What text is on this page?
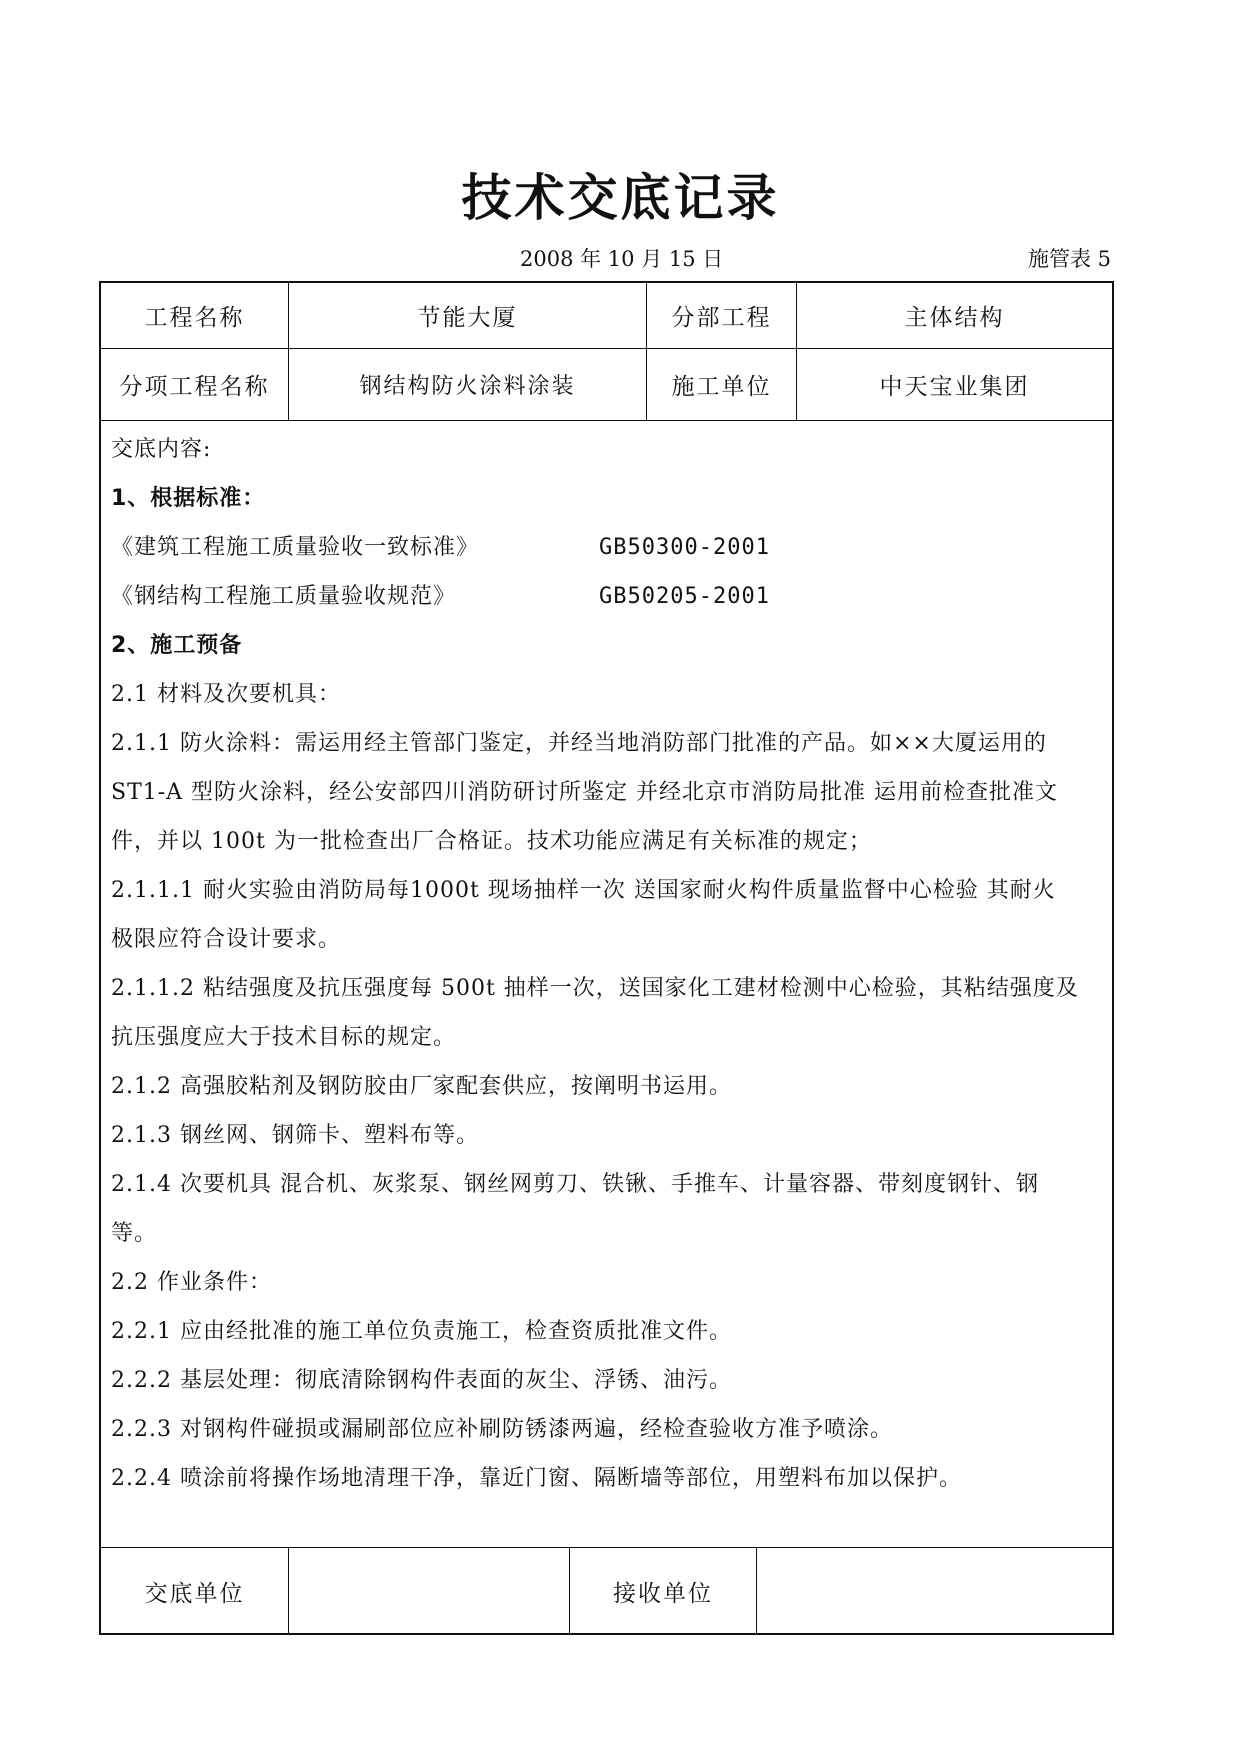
技术交底记录
2008 年 10 月 15 日	施管表 5
工程名称	节能大厦	分部工程	主体结构
分项工程名称	钢结构防火涂料涂装	施工单位	中天宝业集团
交底内容:
1、根据标准：
《建筑工程施工质量验收一致标准》	GB50300-2001
《钢结构工程施工质量验收规范》	GB50205-2001
2、施工预备
2.1 材料及次要机具：
2.1.1 防火涂料：需运用经主管部门鉴定，并经当地消防部门批准的产品。如××大厦运用的
ST1-A 型防火涂料，经公安部四川消防研讨所鉴定 并经北京市消防局批准 运用前检查批准文
件，并以 100t 为一批检查出厂合格证。技术功能应满足有关标准的规定；
2.1.1.1 耐火实验由消防局每1000t 现场抽样一次 送国家耐火构件质量监督中心检验 其耐火
极限应符合设计要求。
2.1.1.2 粘结强度及抗压强度每 500t 抽样一次，送国家化工建材检测中心检验，其粘结强度及
抗压强度应大于技术目标的规定。
2.1.2 高强胶粘剂及钢防胶由厂家配套供应，按阐明书运用。
2.1.3 钢丝网、钢筛卡、塑料布等。
2.1.4 次要机具 混合机、灰浆泵、钢丝网剪刀、铁锹、手推车、计量容器、带刻度钢针、钢
等。
2.2 作业条件：
2.2.1 应由经批准的施工单位负责施工，检查资质批准文件。
2.2.2 基层处理：彻底清除钢构件表面的灰尘、浮锈、油污。
2.2.3 对钢构件碰损或漏刷部位应补刷防锈漆两遍，经检查验收方准予喷涂。
2.2.4 喷涂前将操作场地清理干净，靠近门窗、隔断墙等部位，用塑料布加以保护。
交底单位	接收单位
